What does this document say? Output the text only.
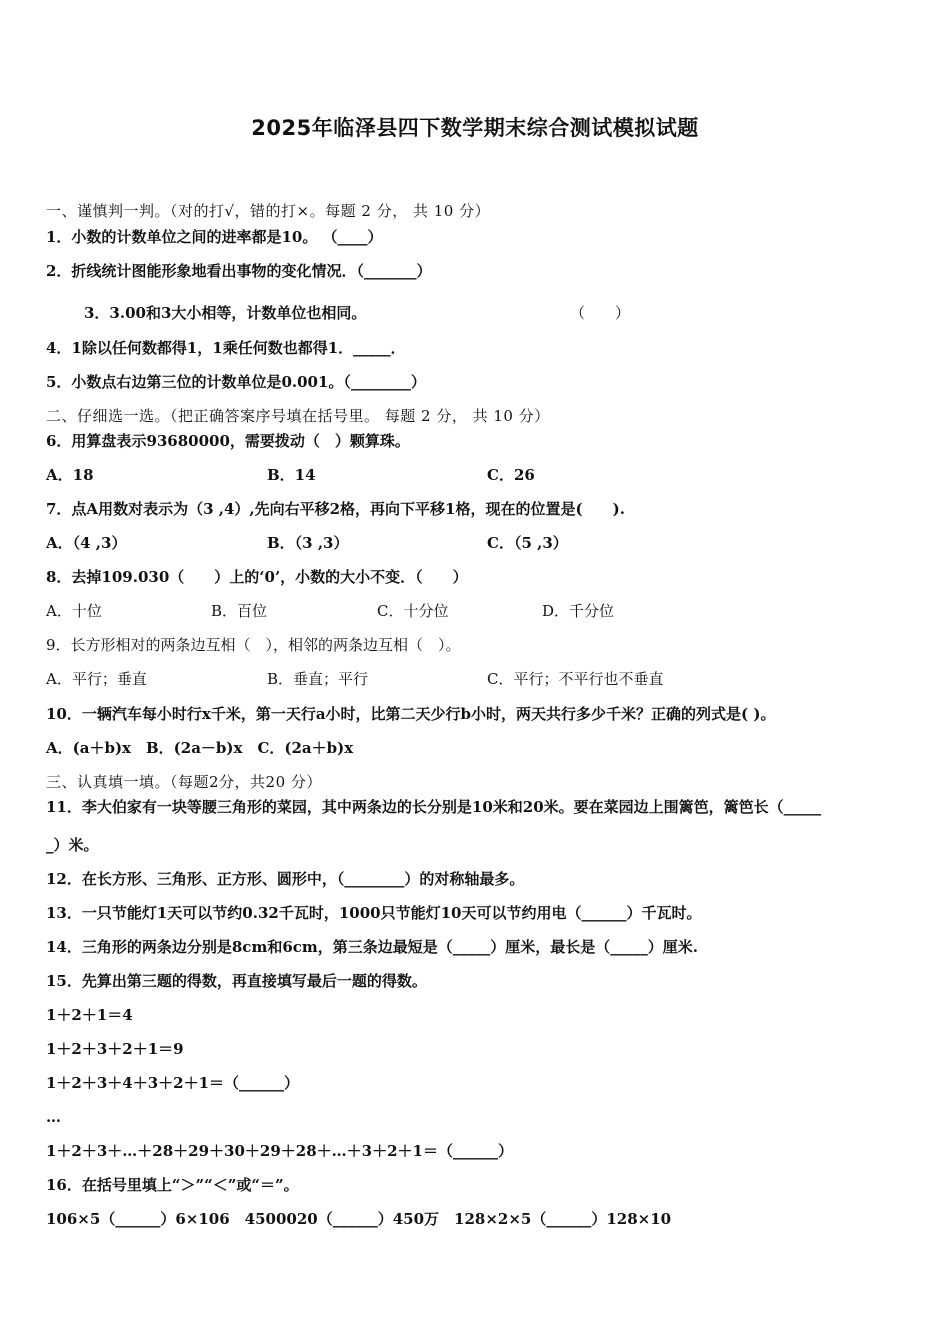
2025年临泽县四下数学期末综合测试模拟试题
一、谨慎判一判。（对的打√，错的打×。每题 2 分， 共 10 分）
1．小数的计数单位之间的进率都是10。 （____）
2．折线统计图能形象地看出事物的变化情况．（_______）
3．3.00和3大小相等，计数单位也相同。	（　　）
4．1除以任何数都得1，1乘任何数也都得1．_____．
5．小数点右边第三位的计数单位是0.001。（________）
二、仔细选一选。（把正确答案序号填在括号里。 每题 2 分， 共 10 分）
6．用算盘表示93680000，需要拨动（　）颗算珠。
A．18	B．14	C．26
7．点A用数对表示为（3 ,4）,先向右平移2格，再向下平移1格，现在的位置是(　　).
A．（4 ,3）	B．（3 ,3）	C．（5 ,3）
8．去掉109.030（　　）上的‘0’，小数的大小不变．（　　）
A．十位	B．百位	C．十分位	D．千分位
9．长方形相对的两条边互相（　），相邻的两条边互相（　）。
A．平行；垂直	B．垂直；平行	C．平行；不平行也不垂直
10．一辆汽车每小时行x千米，第一天行a小时，比第二天少行b小时，两天共行多少千米？正确的列式是( )。
A．(a＋b)x　B．(2a－b)x　C．(2a＋b)x
三、认真填一填。（每题2分，共20 分）
11．李大伯家有一块等腰三角形的菜园，其中两条边的长分别是10米和20米。要在菜园边上围篱笆，篱笆长（_____
_）米。
12．在长方形、三角形、正方形、圆形中，（________）的对称轴最多。
13．一只节能灯1天可以节约0.32千瓦时，1000只节能灯10天可以节约用电（______）千瓦时。
14．三角形的两条边分别是8cm和6cm，第三条边最短是（_____）厘米，最长是（_____）厘米.
15．先算出第三题的得数，再直接填写最后一题的得数。
1＋2＋1＝4
1＋2＋3＋2＋1＝9
1＋2＋3＋4＋3＋2＋1＝（______）
…
1＋2＋3＋…＋28＋29＋30＋29＋28＋…＋3＋2＋1＝（______）
16．在括号里填上“＞”“＜”或“＝”。
106×5（______）6×106　4500020（______）450万　128×2×5（______）128×10
